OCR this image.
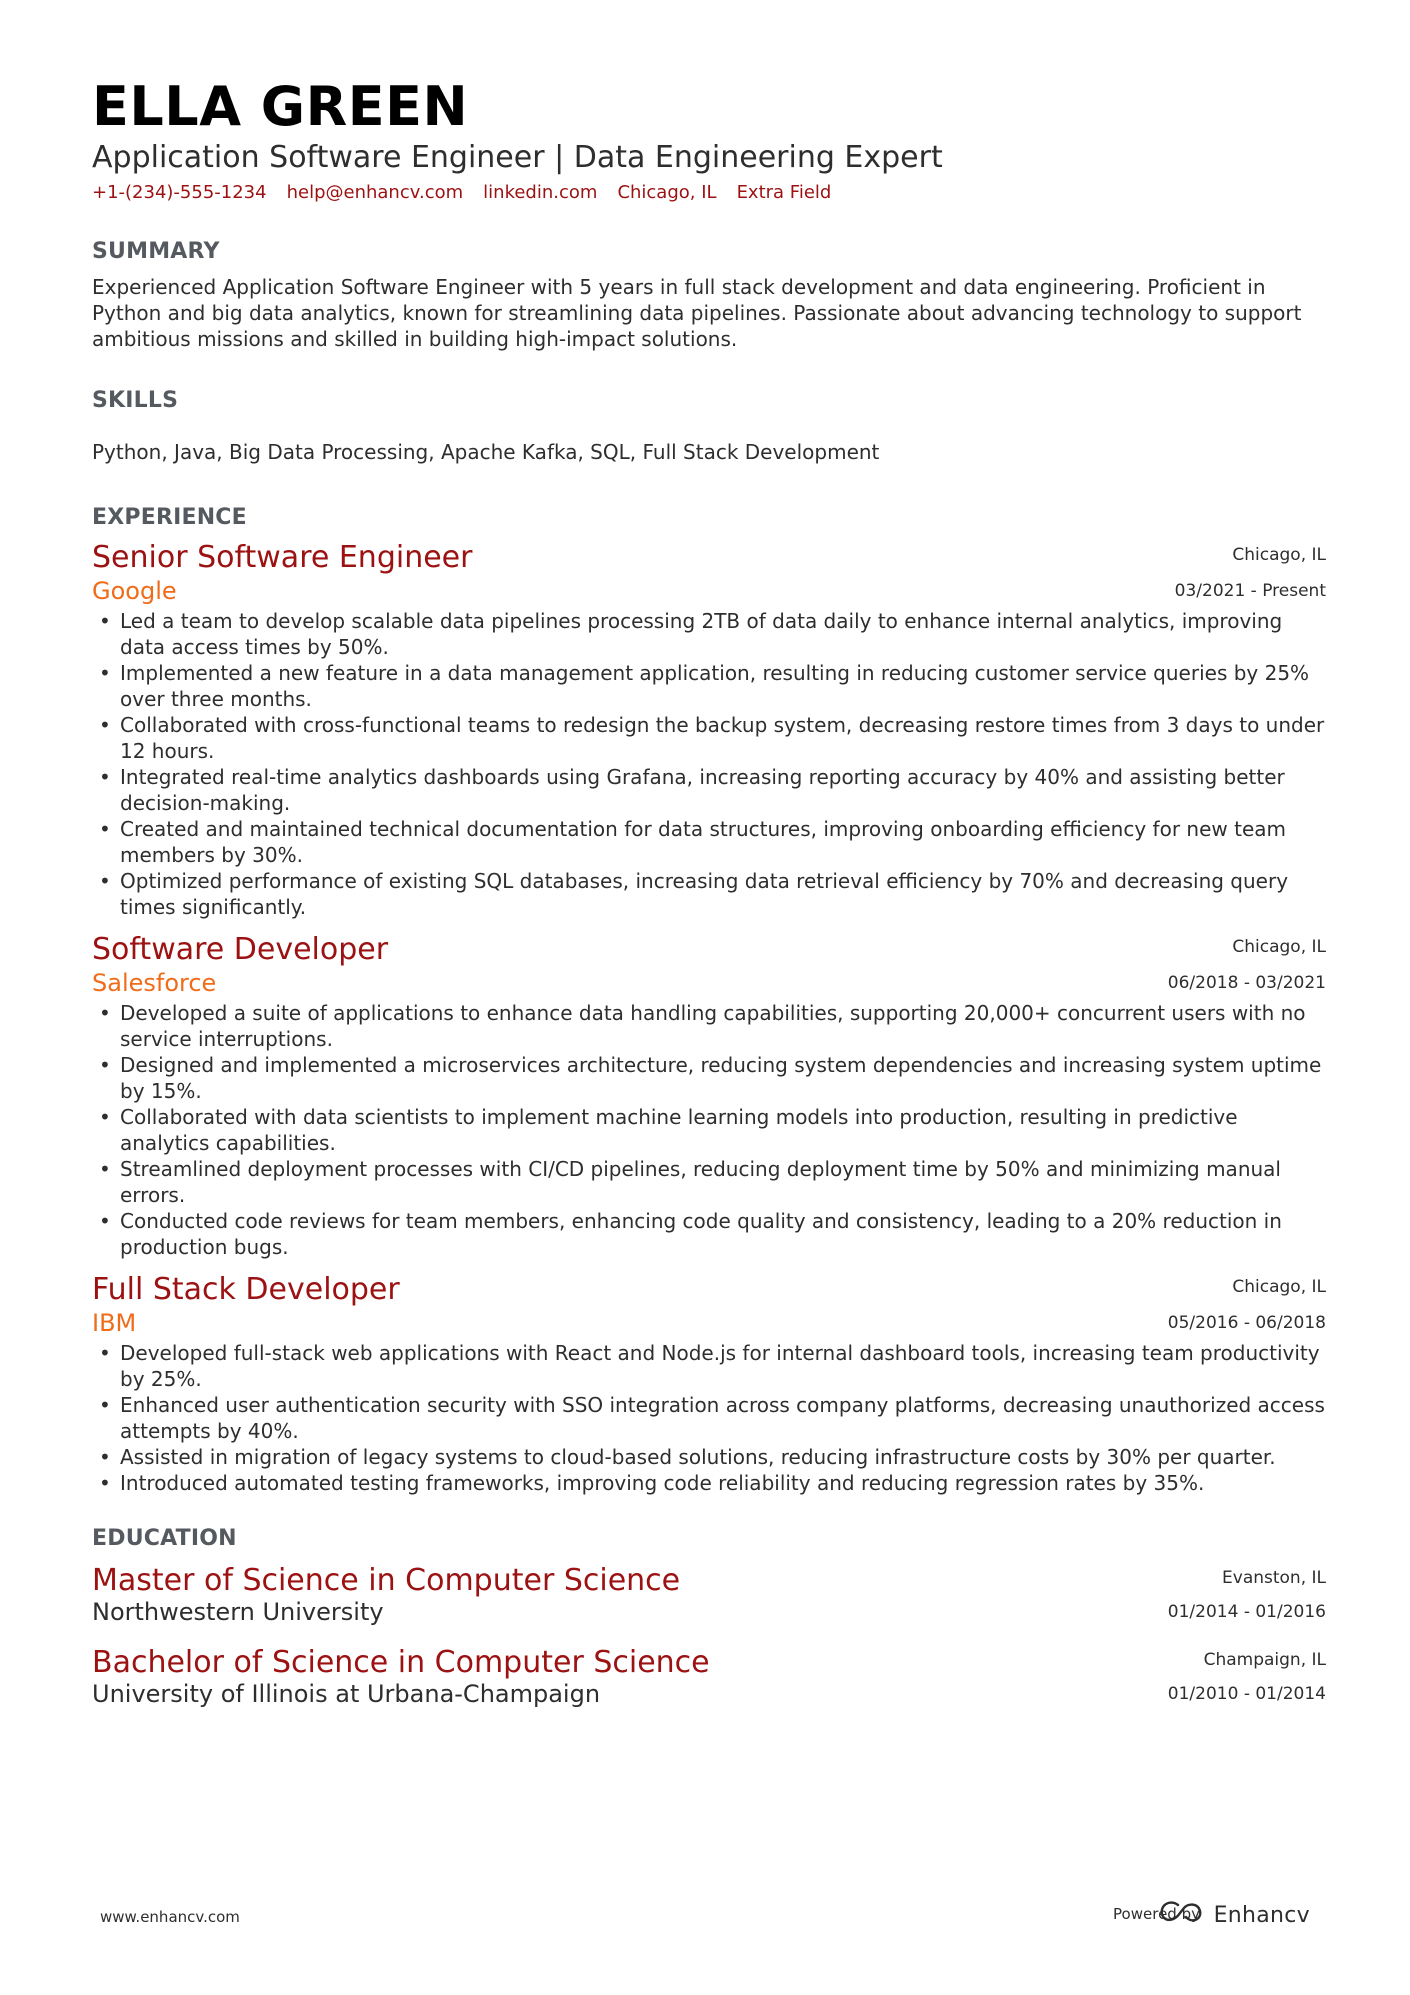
ELLA GREEN
Application Software Engineer | Data Engineering Expert
+1-(234)-555-1234 help@enhancv.com linkedin.com Chicago, IL Extra Field
SUMMARY
Experienced Application Software Engineer with 5 years in full stack development and data engineering. Proficient in Python and big data analytics, known for streamlining data pipelines. Passionate about advancing technology to support ambitious missions and skilled in building high-impact solutions.
SKILLS
Python, Java, Big Data Processing, Apache Kafka, SQL, Full Stack Development
EXPERIENCE
Senior Software Engineer
Google
Chicago, IL
03/2021 - Present
• Led a team to develop scalable data pipelines processing 2TB of data daily to enhance internal analytics, improving data access times by 50%.
• Implemented a new feature in a data management application, resulting in reducing customer service queries by 25% over three months.
• Collaborated with cross-functional teams to redesign the backup system, decreasing restore times from 3 days to under 12 hours.
• Integrated real-time analytics dashboards using Grafana, increasing reporting accuracy by 40% and assisting better decision-making.
• Created and maintained technical documentation for data structures, improving onboarding efficiency for new team members by 30%.
• Optimized performance of existing SQL databases, increasing data retrieval efficiency by 70% and decreasing query times significantly.
Software Developer
Salesforce
Chicago, IL
06/2018 - 03/2021
• Developed a suite of applications to enhance data handling capabilities, supporting 20,000+ concurrent users with no service interruptions.
• Designed and implemented a microservices architecture, reducing system dependencies and increasing system uptime by 15%.
• Collaborated with data scientists to implement machine learning models into production, resulting in predictive analytics capabilities.
• Streamlined deployment processes with CI/CD pipelines, reducing deployment time by 50% and minimizing manual errors.
• Conducted code reviews for team members, enhancing code quality and consistency, leading to a 20% reduction in production bugs.
Full Stack Developer
IBM
Chicago, IL
05/2016 - 06/2018
• Developed full-stack web applications with React and Node.js for internal dashboard tools, increasing team productivity by 25%.
• Enhanced user authentication security with SSO integration across company platforms, decreasing unauthorized access attempts by 40%.
• Assisted in migration of legacy systems to cloud-based solutions, reducing infrastructure costs by 30% per quarter.
• Introduced automated testing frameworks, improving code reliability and reducing regression rates by 35%.
EDUCATION
Master of Science in Computer Science
Northwestern University
Evanston, IL
01/2014 - 01/2016
Bachelor of Science in Computer Science
University of Illinois at Urbana-Champaign
Champaign, IL
01/2010 - 01/2014
www.enhancv.com	Powered by Enhancv
